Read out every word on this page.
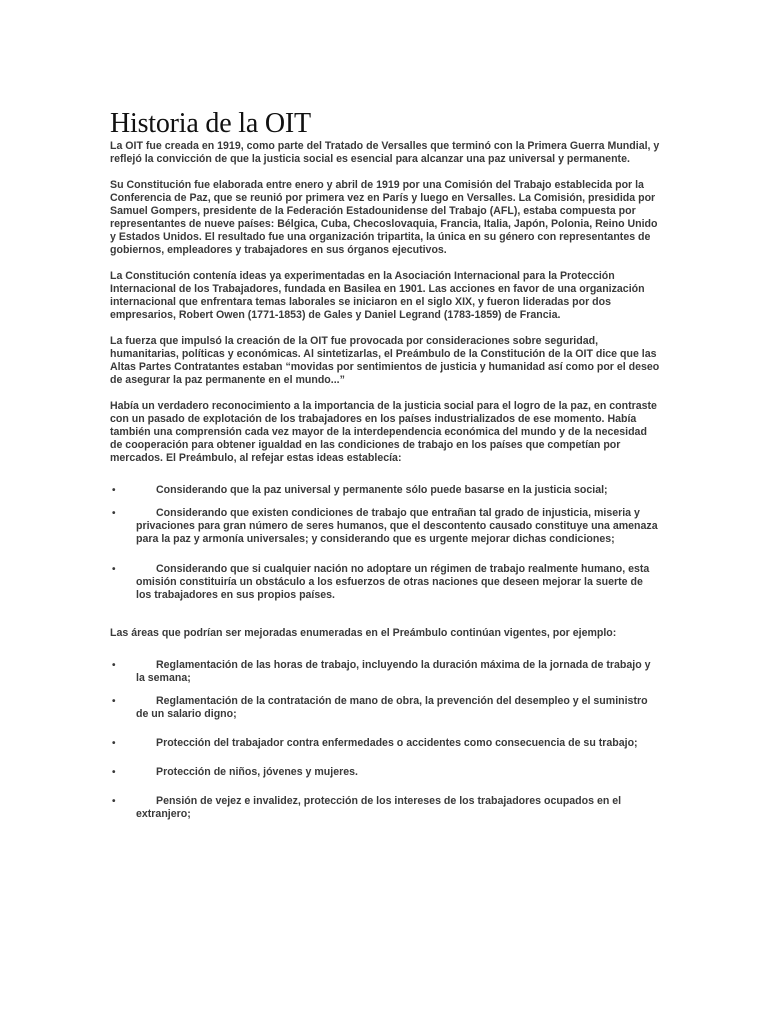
Historia de la OIT

La OIT fue creada en 1919, como parte del Tratado de Versalles que terminó con la Primera Guerra Mundial, y reflejó la convicción de que la justicia social es esencial para alcanzar una paz universal y permanente.

Su Constitución fue elaborada entre enero y abril de 1919 por una Comisión del Trabajo establecida por la Conferencia de Paz, que se reunió por primera vez en París y luego en Versalles. La Comisión, presidida por Samuel Gompers, presidente de la Federación Estadounidense del Trabajo (AFL), estaba compuesta por representantes de nueve países: Bélgica, Cuba, Checoslovaquia, Francia, Italia, Japón, Polonia, Reino Unido y Estados Unidos. El resultado fue una organización tripartita, la única en su género con representantes de gobiernos, empleadores y trabajadores en sus órganos ejecutivos.

La Constitución contenía ideas ya experimentadas en la Asociación Internacional para la Protección Internacional de los Trabajadores, fundada en Basilea en 1901. Las acciones en favor de una organización internacional que enfrentara temas laborales se iniciaron en el siglo XIX, y fueron lideradas por dos empresarios, Robert Owen (1771-1853) de Gales y Daniel Legrand (1783-1859) de Francia.

La fuerza que impulsó la creación de la OIT fue provocada por consideraciones sobre seguridad, humanitarias, políticas y económicas. Al sintetizarlas, el Preámbulo de la Constitución de la OIT dice que las Altas Partes Contratantes estaban “movidas por sentimientos de justicia y humanidad así como por el deseo de asegurar la paz permanente en el mundo...”

Había un verdadero reconocimiento a la importancia de la justicia social para el logro de la paz, en contraste con un pasado de explotación de los trabajadores en los países industrializados de ese momento. Había también una comprensión cada vez mayor de la interdependencia económica del mundo y de la necesidad de cooperación para obtener igualdad en las condiciones de trabajo en los países que competían por mercados. El Preámbulo, al refejar estas ideas establecía:

•	Considerando que la paz universal y permanente sólo puede basarse en la justicia social;
•	Considerando que existen condiciones de trabajo que entrañan tal grado de injusticia, miseria y privaciones para gran número de seres humanos, que el descontento causado constituye una amenaza para la paz y armonía universales; y considerando que es urgente mejorar dichas condiciones;
•	Considerando que si cualquier nación no adoptare un régimen de trabajo realmente humano, esta omisión constituiría un obstáculo a los esfuerzos de otras naciones que deseen mejorar la suerte de los trabajadores en sus propios países.

Las áreas que podrían ser mejoradas enumeradas en el Preámbulo continúan vigentes, por ejemplo:

•	Reglamentación de las horas de trabajo, incluyendo la duración máxima de la jornada de trabajo y la semana;
•	Reglamentación de la contratación de mano de obra, la prevención del desempleo y el suministro de un salario digno;
•	Protección del trabajador contra enfermedades o accidentes como consecuencia de su trabajo;
•	Protección de niños, jóvenes y mujeres.
•	Pensión de vejez e invalidez, protección de los intereses de los trabajadores ocupados en el extranjero;
